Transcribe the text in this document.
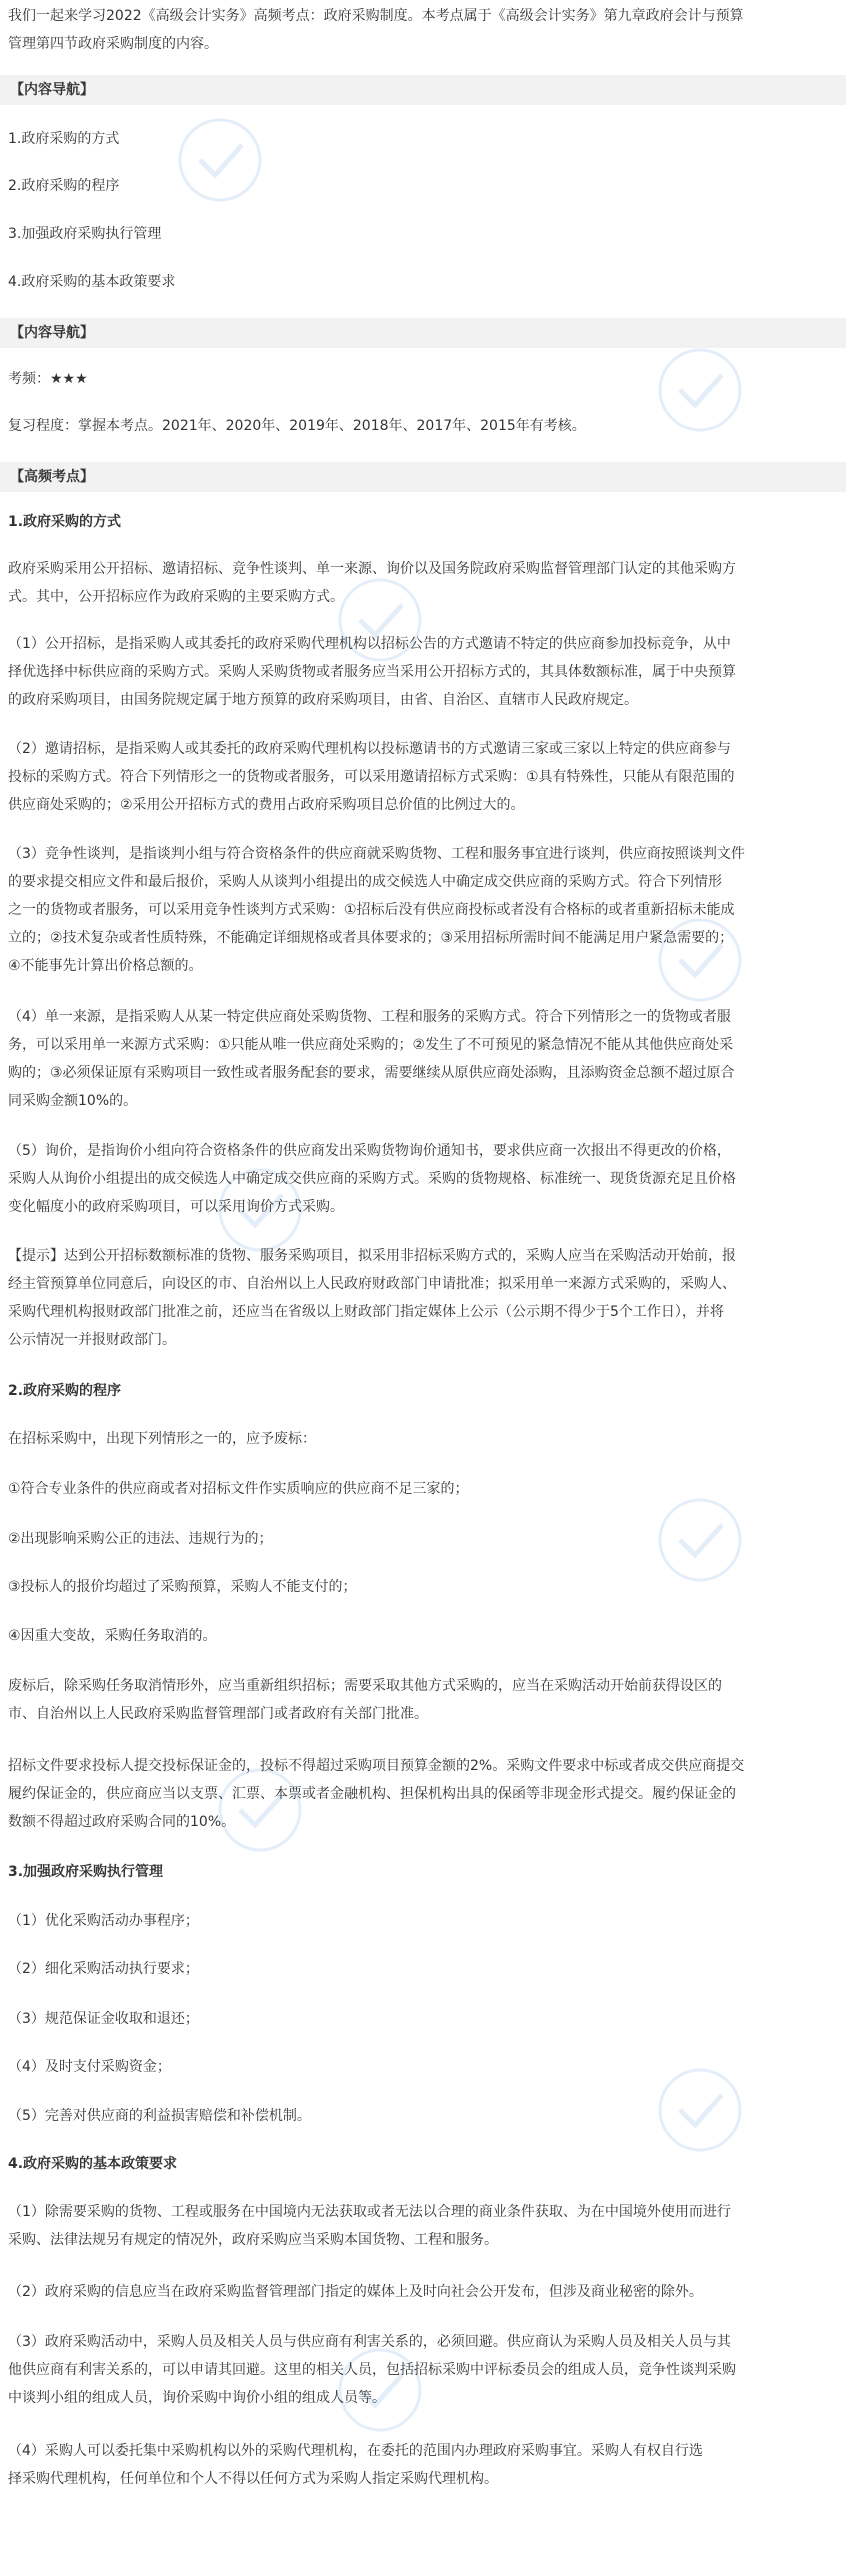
我们一起来学习2022《高级会计实务》高频考点：政府采购制度。本考点属于《高级会计实务》第九章政府会计与预算
管理第四节政府采购制度的内容。
【内容导航】
1.政府采购的方式
2.政府采购的程序
3.加强政府采购执行管理
4.政府采购的基本政策要求
【内容导航】
考频：★★★
复习程度：掌握本考点。2021年、2020年、2019年、2018年、2017年、2015年有考核。
【高频考点】
1.政府采购的方式
政府采购采用公开招标、邀请招标、竞争性谈判、单一来源、询价以及国务院政府采购监督管理部门认定的其他采购方
式。其中，公开招标应作为政府采购的主要采购方式。
（1）公开招标，是指采购人或其委托的政府采购代理机构以招标公告的方式邀请不特定的供应商参加投标竞争，从中
择优选择中标供应商的采购方式。采购人采购货物或者服务应当采用公开招标方式的，其具体数额标准，属于中央预算
的政府采购项目，由国务院规定属于地方预算的政府采购项目，由省、自治区、直辖市人民政府规定。
（2）邀请招标，是指采购人或其委托的政府采购代理机构以投标邀请书的方式邀请三家或三家以上特定的供应商参与
投标的采购方式。符合下列情形之一的货物或者服务，可以采用邀请招标方式采购：①具有特殊性，只能从有限范围的
供应商处采购的；②采用公开招标方式的费用占政府采购项目总价值的比例过大的。
（3）竞争性谈判，是指谈判小组与符合资格条件的供应商就采购货物、工程和服务事宜进行谈判，供应商按照谈判文件
的要求提交相应文件和最后报价，采购人从谈判小组提出的成交候选人中确定成交供应商的采购方式。符合下列情形
之一的货物或者服务，可以采用竞争性谈判方式采购：①招标后没有供应商投标或者没有合格标的或者重新招标未能成
立的；②技术复杂或者性质特殊，不能确定详细规格或者具体要求的；③采用招标所需时间不能满足用户紧急需要的；
④不能事先计算出价格总额的。
（4）单一来源，是指采购人从某一特定供应商处采购货物、工程和服务的采购方式。符合下列情形之一的货物或者服
务，可以采用单一来源方式采购：①只能从唯一供应商处采购的；②发生了不可预见的紧急情况不能从其他供应商处采
购的；③必须保证原有采购项目一致性或者服务配套的要求，需要继续从原供应商处添购，且添购资金总额不超过原合
同采购金额10%的。
（5）询价，是指询价小组向符合资格条件的供应商发出采购货物询价通知书，要求供应商一次报出不得更改的价格，
采购人从询价小组提出的成交候选人中确定成交供应商的采购方式。采购的货物规格、标准统一、现货货源充足且价格
变化幅度小的政府采购项目，可以采用询价方式采购。
【提示】达到公开招标数额标准的货物、服务采购项目，拟采用非招标采购方式的，采购人应当在采购活动开始前，报
经主管预算单位同意后，向设区的市、自治州以上人民政府财政部门申请批准；拟采用单一来源方式采购的，采购人、
采购代理机构报财政部门批准之前，还应当在省级以上财政部门指定媒体上公示（公示期不得少于5个工作日），并将
公示情况一并报财政部门。
2.政府采购的程序
在招标采购中，出现下列情形之一的，应予废标：
①符合专业条件的供应商或者对招标文件作实质响应的供应商不足三家的；
②出现影响采购公正的违法、违规行为的；
③投标人的报价均超过了采购预算，采购人不能支付的；
④因重大变故，采购任务取消的。
废标后，除采购任务取消情形外，应当重新组织招标；需要采取其他方式采购的，应当在采购活动开始前获得设区的
市、自治州以上人民政府采购监督管理部门或者政府有关部门批准。
招标文件要求投标人提交投标保证金的，投标不得超过采购项目预算金额的2%。采购文件要求中标或者成交供应商提交
履约保证金的，供应商应当以支票、汇票、本票或者金融机构、担保机构出具的保函等非现金形式提交。履约保证金的
数额不得超过政府采购合同的10%。
3.加强政府采购执行管理
（1）优化采购活动办事程序；
（2）细化采购活动执行要求；
（3）规范保证金收取和退还；
（4）及时支付采购资金；
（5）完善对供应商的利益损害赔偿和补偿机制。
4.政府采购的基本政策要求
（1）除需要采购的货物、工程或服务在中国境内无法获取或者无法以合理的商业条件获取、为在中国境外使用而进行
采购、法律法规另有规定的情况外，政府采购应当采购本国货物、工程和服务。
（2）政府采购的信息应当在政府采购监督管理部门指定的媒体上及时向社会公开发布，但涉及商业秘密的除外。
（3）政府采购活动中，采购人员及相关人员与供应商有利害关系的，必须回避。供应商认为采购人员及相关人员与其
他供应商有利害关系的，可以申请其回避。这里的相关人员，包括招标采购中评标委员会的组成人员，竞争性谈判采购
中谈判小组的组成人员，询价采购中询价小组的组成人员等。
（4）采购人可以委托集中采购机构以外的采购代理机构，在委托的范围内办理政府采购事宜。采购人有权自行选
择采购代理机构，任何单位和个人不得以任何方式为采购人指定采购代理机构。
